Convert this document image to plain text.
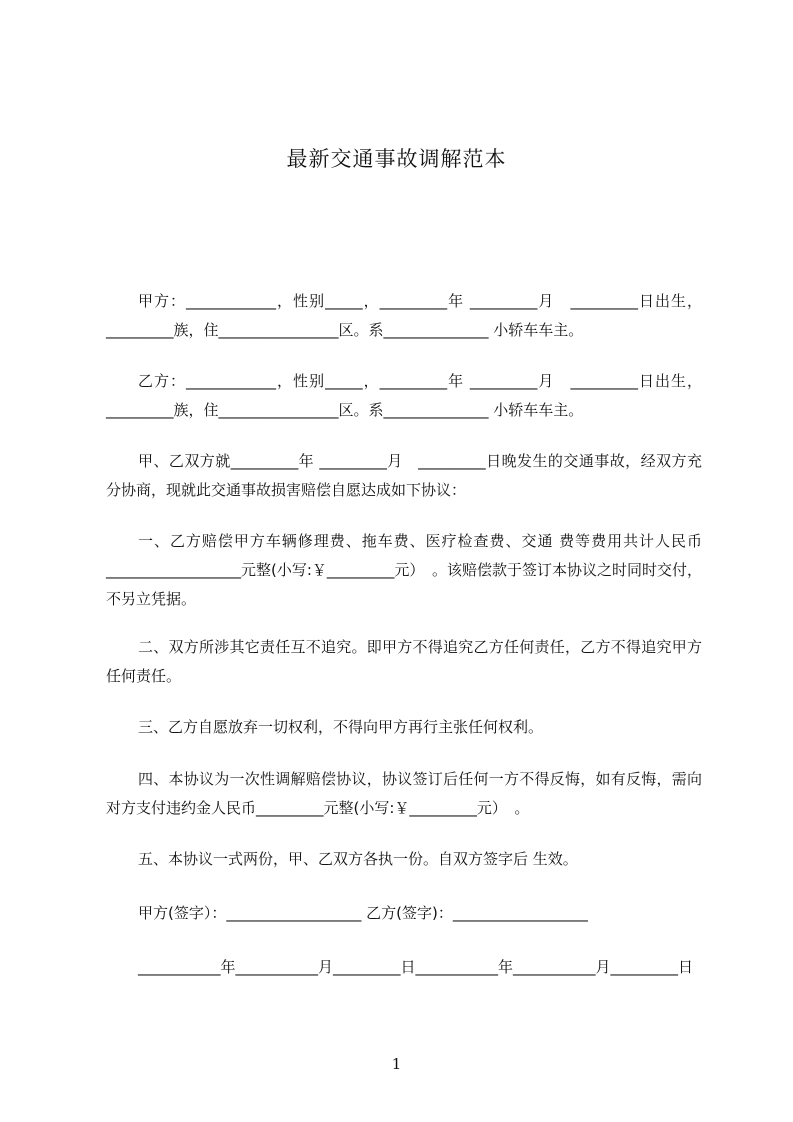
最新交通事故调解范本
甲方：____________，性别_____，_________年 _________月　_________日出生，_________族，住________________区。系______________ 小轿车车主。
乙方：____________，性别_____，_________年 _________月　_________日出生，_________族，住________________区。系______________ 小轿车车主。
甲、乙双方就_________年 _________月　_________日晚发生的交通事故，经双方充分协商，现就此交通事故损害赔偿自愿达成如下协议：
一、乙方赔偿甲方车辆修理费、拖车费、医疗检查费、交通 费等费用共计人民币__________________元整(小写:￥_________元）　。该赔偿款于签订本协议之时同时交付，不另立凭据。
二、双方所涉其它责任互不追究。即甲方不得追究乙方任何责任，乙方不得追究甲方任何责任。
三、乙方自愿放弃一切权利，不得向甲方再行主张任何权利。
四、本协议为一次性调解赔偿协议，协议签订后任何一方不得反悔，如有反悔，需向对方支付违约金人民币_________元整(小写:￥_________元）　。
五、本协议一式两份，甲、乙双方各执一份。自双方签字后 生效。
甲方(签字）：__________________ 乙方(签字)：__________________
___________年___________月_________日___________年___________月_________日
1
